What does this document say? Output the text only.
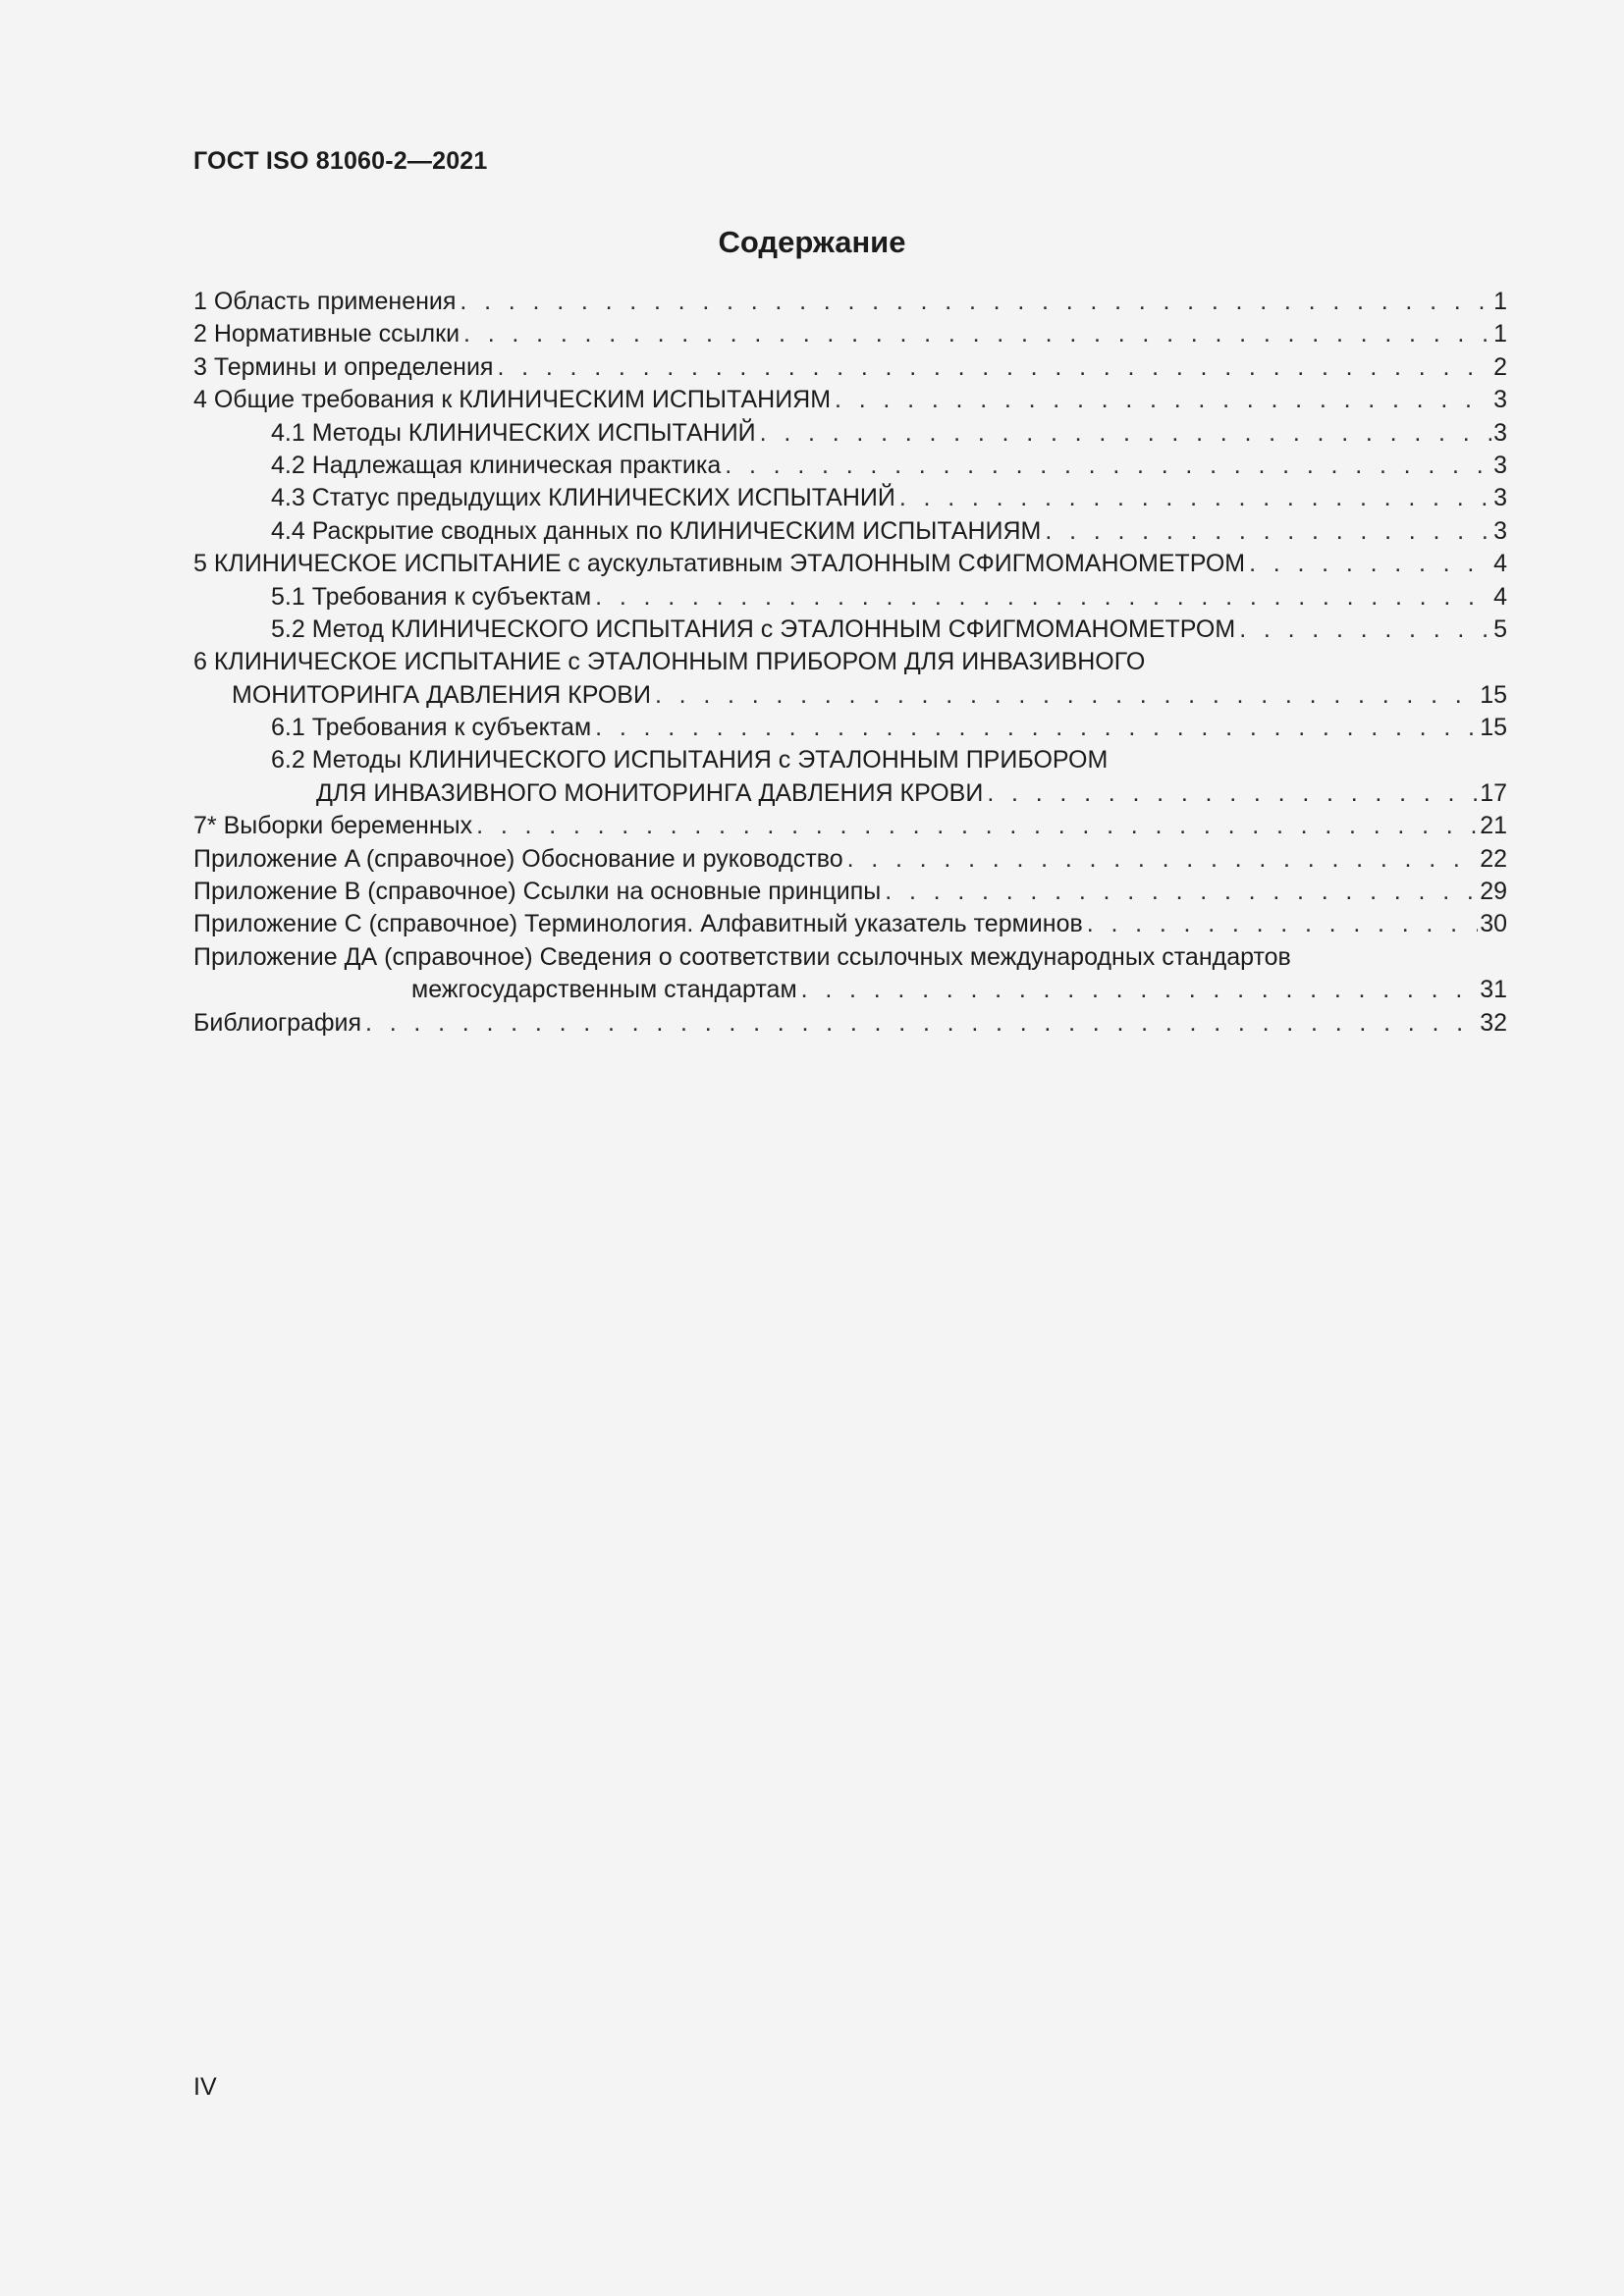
ГОСТ ISO 81060-2—2021
Содержание
1 Область применения . . .	1
2 Нормативные ссылки . . .	1
3 Термины и определения . . .	2
4 Общие требования к КЛИНИЧЕСКИМ ИСПЫТАНИЯМ . . .	3
4.1 Методы КЛИНИЧЕСКИХ ИСПЫТАНИЙ . . .	3
4.2 Надлежащая клиническая практика . . .	3
4.3 Статус предыдущих КЛИНИЧЕСКИХ ИСПЫТАНИЙ . . .	3
4.4 Раскрытие сводных данных по КЛИНИЧЕСКИМ ИСПЫТАНИЯМ . . .	3
5 КЛИНИЧЕСКОЕ ИСПЫТАНИЕ с аускультативным ЭТАЛОННЫМ СФИГМОМАНОМЕТРОМ . . .	4
5.1 Требования к субъектам . . .	4
5.2 Метод КЛИНИЧЕСКОГО ИСПЫТАНИЯ с ЭТАЛОННЫМ СФИГМОМАНОМЕТРОМ . . .	5
6 КЛИНИЧЕСКОЕ ИСПЫТАНИЕ с ЭТАЛОННЫМ ПРИБОРОМ ДЛЯ ИНВАЗИВНОГО
МОНИТОРИНГА ДАВЛЕНИЯ КРОВИ . . .	15
6.1 Требования к субъектам . . .	15
6.2 Методы КЛИНИЧЕСКОГО ИСПЫТАНИЯ с ЭТАЛОННЫМ ПРИБОРОМ
ДЛЯ ИНВАЗИВНОГО МОНИТОРИНГА ДАВЛЕНИЯ КРОВИ . . .	17
7* Выборки беременных . . .	21
Приложение A (справочное) Обоснование и руководство . . .	22
Приложение B (справочное) Ссылки на основные принципы . . .	29
Приложение C (справочное) Терминология. Алфавитный указатель терминов . . .	30
Приложение ДА (справочное) Сведения о соответствии ссылочных международных стандартов
межгосударственным стандартам . . .	31
Библиография . . .	32
IV
